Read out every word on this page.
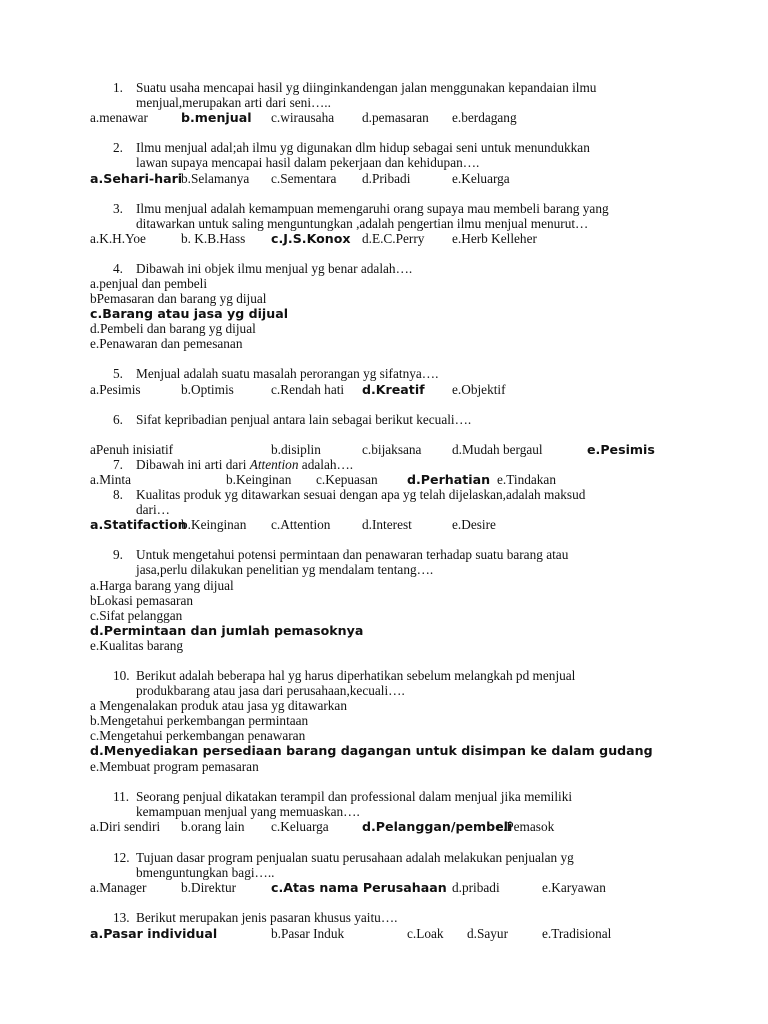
1. Suatu usaha mencapai hasil yg diinginkandengan jalan menggunakan kepandaian ilmu
menjual,merupakan arti dari seni…..
a.menawar	b.menjual c.wirausaha d.pemasaran e.berdagang
2. Ilmu menjual adal;ah ilmu yg digunakan dlm hidup sebagai seni untuk menundukkan
lawan supaya mencapai hasil dalam pekerjaan dan kehidupan….
a.Sehari-hari
b.Selamanya c.Sementara d.Pribadi	e.Keluarga
3. Ilmu menjual adalah kemampuan memengaruhi orang supaya mau membeli barang yang
ditawarkan untuk saling menguntungkan ,adalah pengertian ilmu menjual menurut…
a.K.H.Yoe	b. K.B.Hass c.J.S.Konox d.E.C.Perry e.Herb Kelleher
4. Dibawah ini objek ilmu menjual yg benar adalah….
a.penjual dan pembeli
bPemasaran dan barang yg dijual
c.Barang atau jasa yg dijual
d.Pembeli dan barang yg dijual
e.Penawaran dan pemesanan
5. Menjual adalah suatu masalah perorangan yg sifatnya….
a.Pesimis	b.Optimis	c.Rendah hati d.Kreatif e.Objektif
6. Sifat kepribadian penjual antara lain sebagai berikut kecuali….
aPenuh inisiatif	b.disiplin	c.bijaksana d.Mudah bergaul	e.Pesimis
7. Dibawah ini arti dari Attention adalah….
a.Minta	b.Keinginan c.Kepuasan d.Perhatian e.Tindakan
8. Kualitas produk yg ditawarkan sesuai dengan apa yg telah dijelaskan,adalah maksud
dari…
a.Statifaction
b.Keinginan c.Attention d.Interest	e.Desire
9. Untuk mengetahui potensi permintaan dan penawaran terhadap suatu barang atau
jasa,perlu dilakukan penelitian yg mendalam tentang….
a.Harga barang yang dijual
bLokasi pemasaran
c.Sifat pelanggan
d.Permintaan dan jumlah pemasoknya
e.Kualitas barang
10. Berikut adalah beberapa hal yg harus diperhatikan sebelum melangkah pd menjual
produkbarang atau jasa dari perusahaan,kecuali….
a Mengenalakan produk atau jasa yg ditawarkan
b.Mengetahui perkembangan permintaan
c.Mengetahui perkembangan penawaran
d.Menyediakan persediaan barang dagangan untuk disimpan ke dalam gudang
e.Membuat program pemasaran
11. Seorang penjual dikatakan terampil dan professional dalam menjual jika memiliki
kemampuan menjual yang memuaskan….
a.Diri sendiri b.orang lain c.Keluarga	d.Pelanggan/pembeli
e.Pemasok
12. Tujuan dasar program penjualan suatu perusahaan adalah melakukan penjualan yg
bmenguntungkan bagi…..
a.Manager	b.Direktur	c.Atas nama Perusahaan d.pribadi	e.Karyawan
13. Berikut merupakan jenis pasaran khusus yaitu….
a.Pasar individual	b.Pasar Induk	c.Loak d.Sayur	e.Tradisional
